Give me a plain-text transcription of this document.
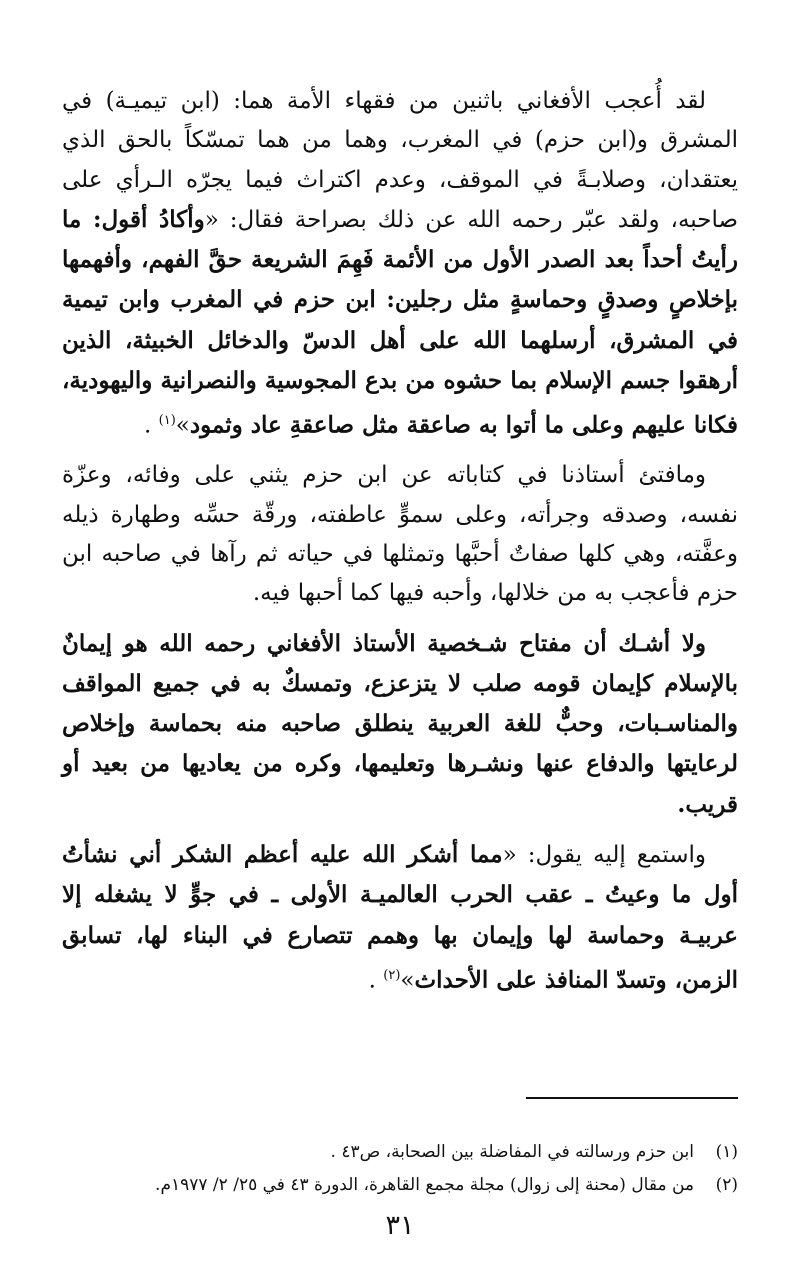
لقد أُعجب الأفغاني باثنين من فقهاء الأمة هما: (ابن تيميـة) في المشرق و(ابن حزم) في المغرب، وهما من هما تمسّكاً بالحق الذي يعتقدان، وصلابـةً في الموقف، وعدم اكتراث فيما يجرّه الـرأي على صاحبه، ولقد عبّر رحمه الله عن ذلك بصراحة فقال: «وأكادُ أقول: ما رأيتُ أحداً بعد الصدر الأول من الأئمة فَهِمَ الشريعة حقَّ الفهم، وأفهمها بإخلاصٍ وصدقٍ وحماسةٍ مثل رجلين: ابن حزم في المغرب وابن تيمية في المشرق، أرسلهما الله على أهل الدسّ والدخائل الخبيثة، الذين أرهقوا جسم الإسلام بما حشوه من بدع المجوسية والنصرانية واليهودية، فكانا عليهم وعلى ما أتوا به صاعقة مثل صاعقةِ عاد وثمود»$^{(١)}$ .

ومافتئ أستاذنا في كتاباته عن ابن حزم يثني على وفائه، وعزّة نفسه، وصدقه وجرأته، وعلى سموٍّ عاطفته، ورقّة حسِّه وطهارة ذيله وعفَّته، وهي كلها صفاتٌ أحبَّها وتمثلها في حياته ثم رآها في صاحبه ابن حزم فأعجب به من خلالها، وأحبه فيها كما أحبها فيه.

ولا أشـك أن مفتاح شـخصية الأستاذ الأفغاني رحمه الله هو إيمانٌ بالإسلام كإيمان قومه صلب لا يتزعزع، وتمسكٌ به في جميع المواقف والمناسـبات، وحبٌّ للغة العربية ينطلق صاحبه منه بحماسة وإخلاص لرعايتها والدفاع عنها ونشـرها وتعليمها، وكره من يعاديها من بعيد أو قريب.

واستمع إليه يقول: «مما أشكر الله عليه أعظم الشكر أني نشأتُ أول ما وعيتُ ـ عقب الحرب العالميـة الأولى ـ في جوٍّ لا يشغله إلا عربيـة وحماسة لها وإيمان بها وهمم تتصارع في البناء لها، تسابق الزمن، وتسدّ المنافذ على الأحداث»$^{(٢)}$ .

(١)
ابن حزم ورسالته في المفاضلة بين الصحابة، ص٤٣ .
(٢)
من مقال (محنة إلى زوال) مجلة مجمع القاهرة، الدورة ٤٣ في ٢٥/ ٢/ ١٩٧٧م.
٣١
